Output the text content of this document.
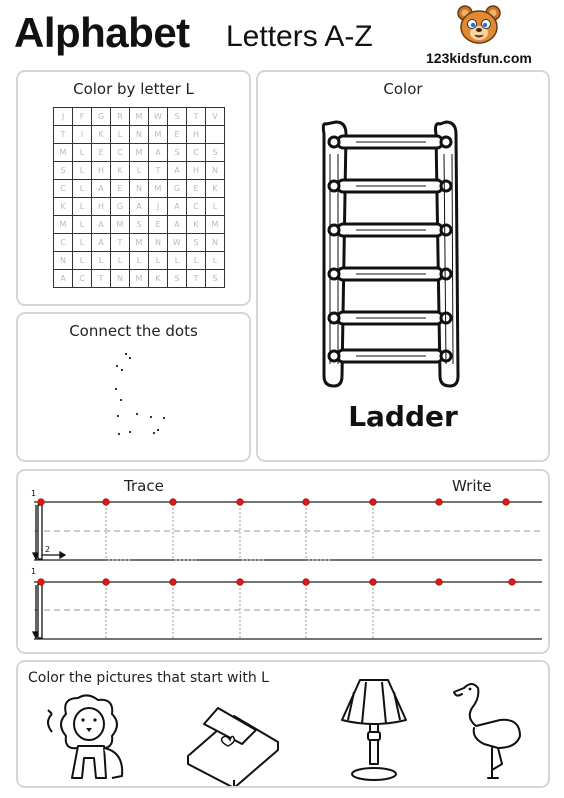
Alphabet Letters A-Z
123kidsfun.com
Color by letter L
J	F	G	R	M	W	S	T	V
T	I	K	L	N	M	E	H	
M	L	E	C	M	A	S	C	S
S	L	H	K	L	T	A	H	N
C	L	A	E	N	M	G	E	K
K	L	H	G	A	J	A	C	L
M	L	A	M	S	E	A	K	M
C	L	A	T	M	N	W	S	N
N	L	L	L	L	L	L	L	L
A	C	T	N	M	K	S	T	S
Connect the dots
Color
Ladder
Trace	Write
1
2
1
Color the pictures that start with L
